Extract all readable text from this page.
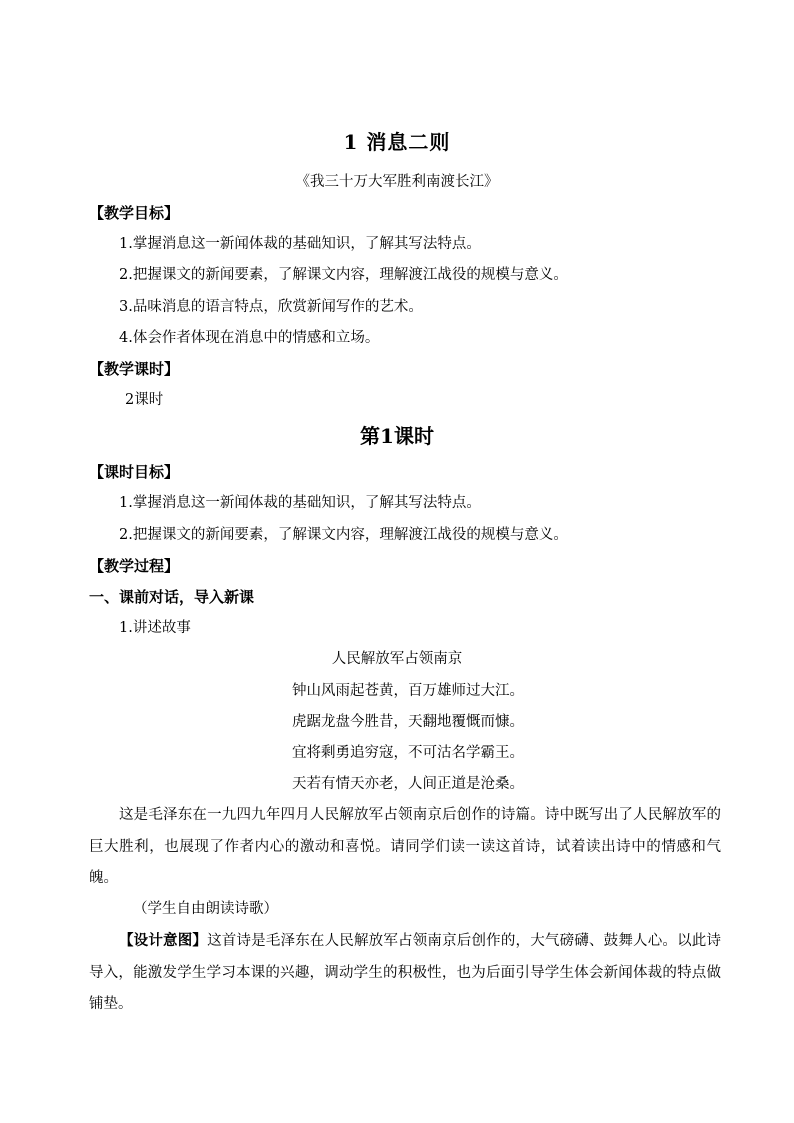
1 消息二则
《我三十万大军胜利南渡长江》
【教学目标】
1.掌握消息这一新闻体裁的基础知识，了解其写法特点。
2.把握课文的新闻要素，了解课文内容，理解渡江战役的规模与意义。
3.品味消息的语言特点，欣赏新闻写作的艺术。
4.体会作者体现在消息中的情感和立场。
【教学课时】
2课时
第1课时
【课时目标】
1.掌握消息这一新闻体裁的基础知识，了解其写法特点。
2.把握课文的新闻要素，了解课文内容，理解渡江战役的规模与意义。
【教学过程】
一、课前对话，导入新课
1.讲述故事
人民解放军占领南京
钟山风雨起苍黄，百万雄师过大江。
虎踞龙盘今胜昔，天翻地覆慨而慷。
宜将剩勇追穷寇，不可沽名学霸王。
天若有情天亦老，人间正道是沧桑。
这是毛泽东在一九四九年四月人民解放军占领南京后创作的诗篇。诗中既写出了人民解放军的巨大胜利，也展现了作者内心的激动和喜悦。请同学们读一读这首诗，试着读出诗中的情感和气魄。
（学生自由朗读诗歌）
【设计意图】这首诗是毛泽东在人民解放军占领南京后创作的，大气磅礴、鼓舞人心。以此诗导入，能激发学生学习本课的兴趣，调动学生的积极性，也为后面引导学生体会新闻体裁的特点做铺垫。
